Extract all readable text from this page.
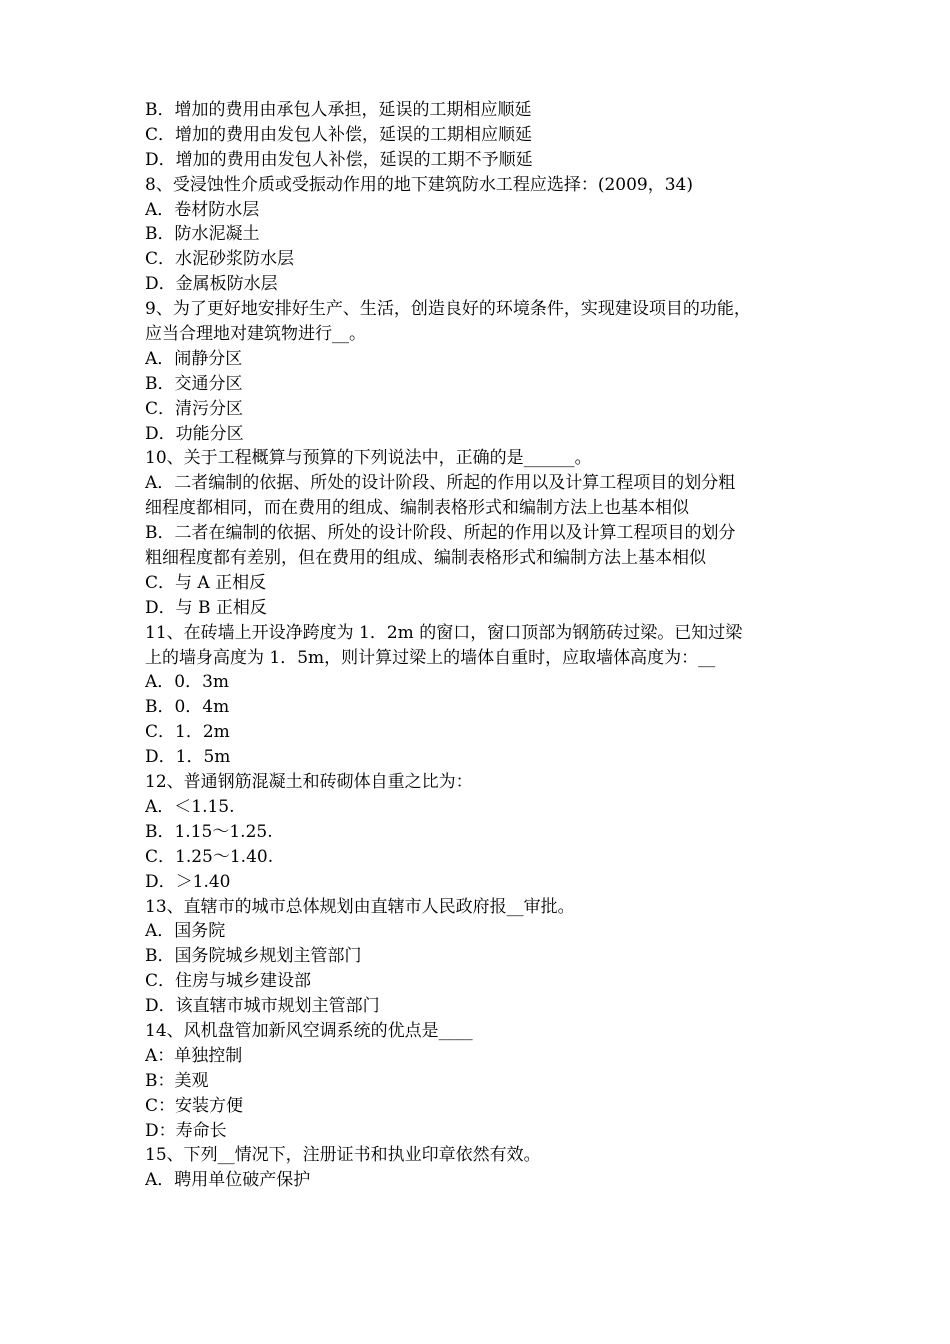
B．增加的费用由承包人承担，延误的工期相应顺延
C．增加的费用由发包人补偿，延误的工期相应顺延
D．增加的费用由发包人补偿，延误的工期不予顺延
8、受浸蚀性介质或受振动作用的地下建筑防水工程应选择：(2009，34)
A．卷材防水层
B．防水泥凝土
C．水泥砂浆防水层
D．金属板防水层
9、为了更好地安排好生产、生活，创造良好的环境条件，实现建设项目的功能，
应当合理地对建筑物进行__。
A．闹静分区
B．交通分区
C．清污分区
D．功能分区
10、关于工程概算与预算的下列说法中，正确的是______。
A．二者编制的依据、所处的设计阶段、所起的作用以及计算工程项目的划分粗
细程度都相同，而在费用的组成、编制表格形式和编制方法上也基本相似
B．二者在编制的依据、所处的设计阶段、所起的作用以及计算工程项目的划分
粗细程度都有差别，但在费用的组成、编制表格形式和编制方法上基本相似
C．与 A 正相反
D．与 B 正相反
11、在砖墙上开设净跨度为 1．2m 的窗口，窗口顶部为钢筋砖过梁。已知过梁
上的墙身高度为 1．5m，则计算过梁上的墙体自重时，应取墙体高度为：__
A．0．3m
B．0．4m
C．1．2m
D．1．5m
12、普通钢筋混凝土和砖砌体自重之比为：
A．＜1.15.
B．1.15～1.25.
C．1.25～1.40.
D．＞1.40
13、直辖市的城市总体规划由直辖市人民政府报__审批。
A．国务院
B．国务院城乡规划主管部门
C．住房与城乡建设部
D．该直辖市城市规划主管部门
14、风机盘管加新风空调系统的优点是____
A：单独控制
B：美观
C：安装方便
D：寿命长
15、下列__情况下，注册证书和执业印章依然有效。
A．聘用单位破产保护
